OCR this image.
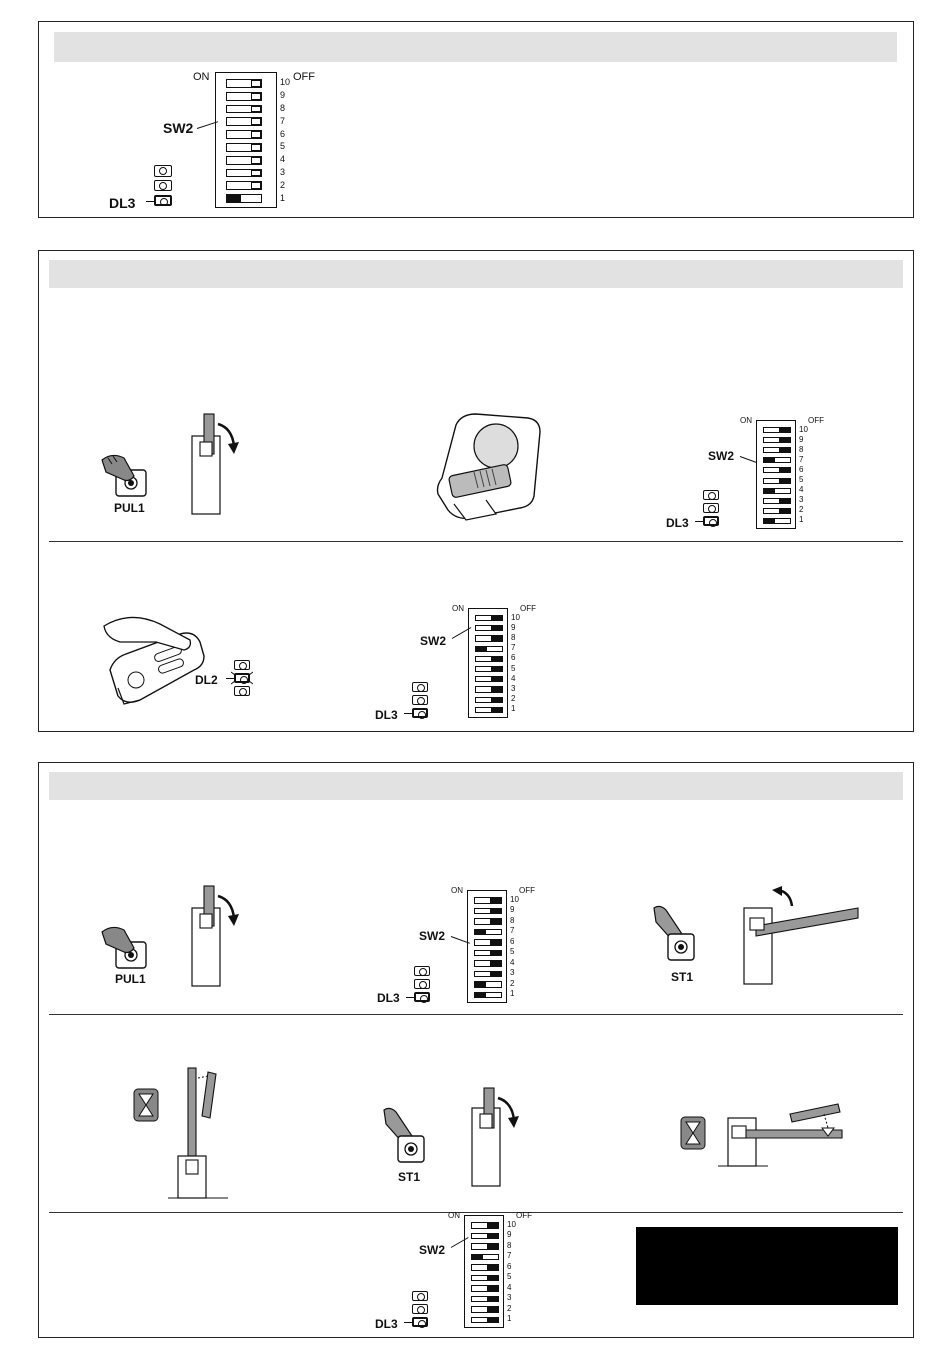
10
9
8
7
6
5
4
3
2
1
ON	OFF
10
9
8
7
6
5
4
3
2
1
ON	OFF
10
9
8
7
6
5
4
3
2
1
ON	OFF
10
9
8
7
6
5
4
3
2
1
ON	OFF
10
9
8
7
6
5
4
3
2
1
ON	OFF
SW2
SW2
SW2
SW2
SW2
DL3
DL3
DL3
DL3
DL3
DL2
PUL1
PUL1	ST1
ST1
